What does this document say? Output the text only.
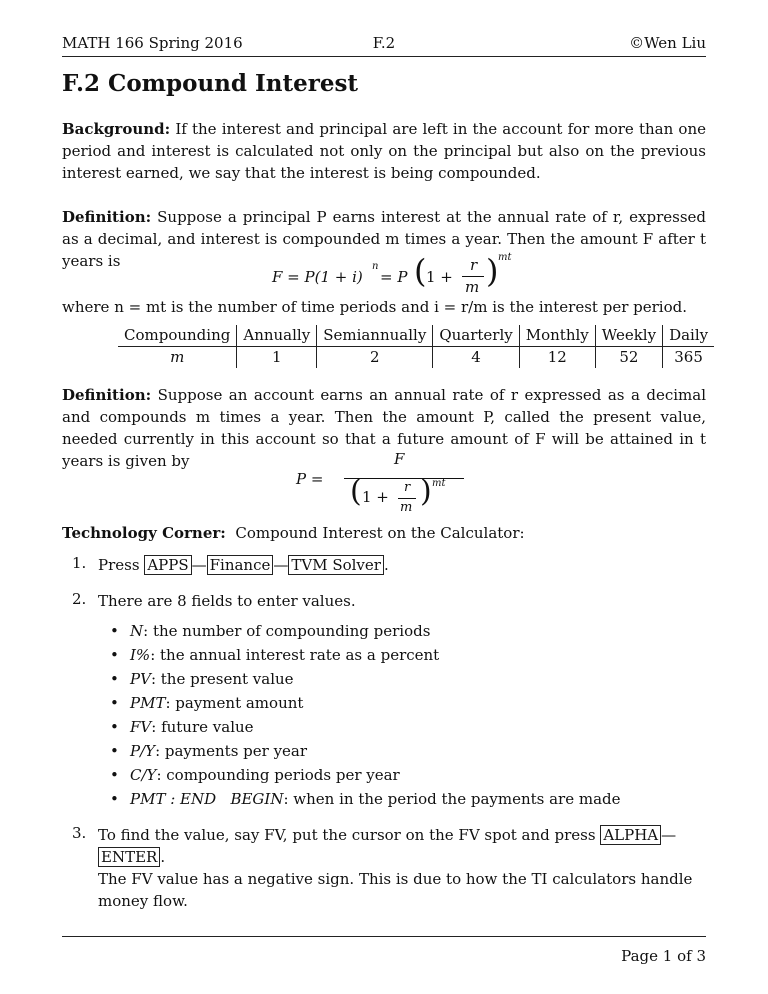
MATH 166 Spring 2016	F.2	©Wen Liu
F.2 Compound Interest

Background: If the interest and principal are left in the account for more than one period and interest is calculated not only on the principal but also on the previous interest earned, we say that the interest is being compounded.

Definition: Suppose a principal P earns interest at the annual rate of r, expressed as a decimal, and interest is compounded m times a year. Then the amount F after t years is

F = P(1 + i)
n
= P ( 1 +
r
m ) mt

where n = mt is the number of time periods and i = r/m is the interest per period.

Compounding	Annually	Semiannually	Quarterly	Monthly	Weekly	Daily
m	1	2	4	12	52	365

Definition: Suppose an account earns an annual rate of r expressed as a decimal and compounds m times a year. Then the amount P, called the present value, needed currently in this account so that a future amount of F will be attained in t years is given by

P =
F
( 1 +
r
m ) mt

Technology Corner: Compound Interest on the Calculator:

1. Press APPS — Finance — TVM Solver .
2. There are 8 fields to enter values.
• N: the number of compounding periods
• I%: the annual interest rate as a percent
• PV: the present value
• PMT: payment amount
• FV: future value
• P/Y: payments per year
• C/Y: compounding periods per year
• PMT : END   BEGIN: when in the period the payments are made
3. To find the value, say FV, put the cursor on the FV spot and press ALPHA —ENTER .
The FV value has a negative sign. This is due to how the TI calculators handle money flow.
Page 1 of 3
